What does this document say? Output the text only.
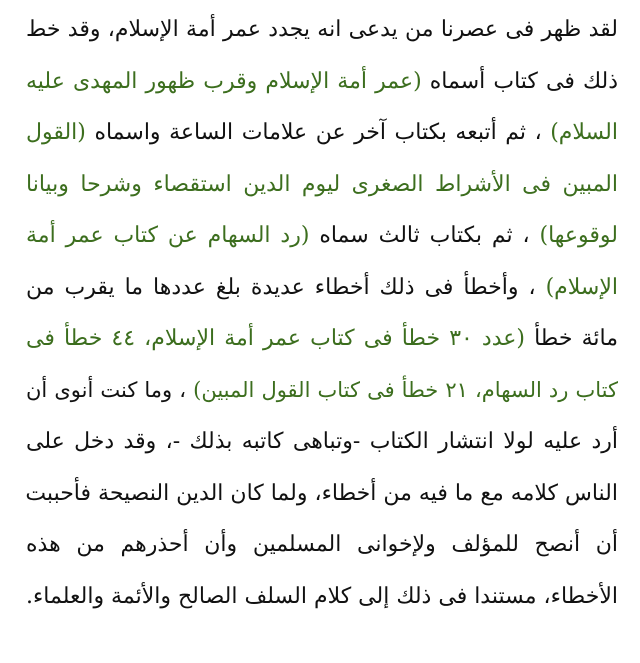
لقد ظهر فى عصرنا من يدعى انه يجدد عمر أمة الإسلام، وقد خط
ذلك فى كتاب أسماه (عمر أمة الإسلام وقرب ظهور المهدى عليه
السلام) ، ثم أتبعه بكتاب آخر عن علامات الساعة واسماه (القول
المبين فى الأشراط الصغرى ليوم الدين استقصاء وشرحا وبيانا
لوقوعها) ، ثم بكتاب ثالث سماه (رد السهام عن كتاب عمر أمة
الإسلام) ، وأخطأ فى ذلك أخطاء عديدة بلغ عددها ما يقرب من
مائة خطأ (عدد ٣٠ خطأ فى كتاب عمر أمة الإسلام، ٤٤ خطأ فى
كتاب رد السهام، ٢١ خطأ فى كتاب القول المبين) ، وما كنت أنوى أن
أرد عليه لولا انتشار الكتاب -وتباهى كاتبه بذلك -، وقد دخل على
الناس كلامه مع ما فيه من أخطاء، ولما كان الدين النصيحة فأحببت
أن أنصح للمؤلف ولإخوانى المسلمين وأن أحذرهم من هذه
الأخطاء، مستندا فى ذلك إلى كلام السلف الصالح والأئمة والعلماء.
